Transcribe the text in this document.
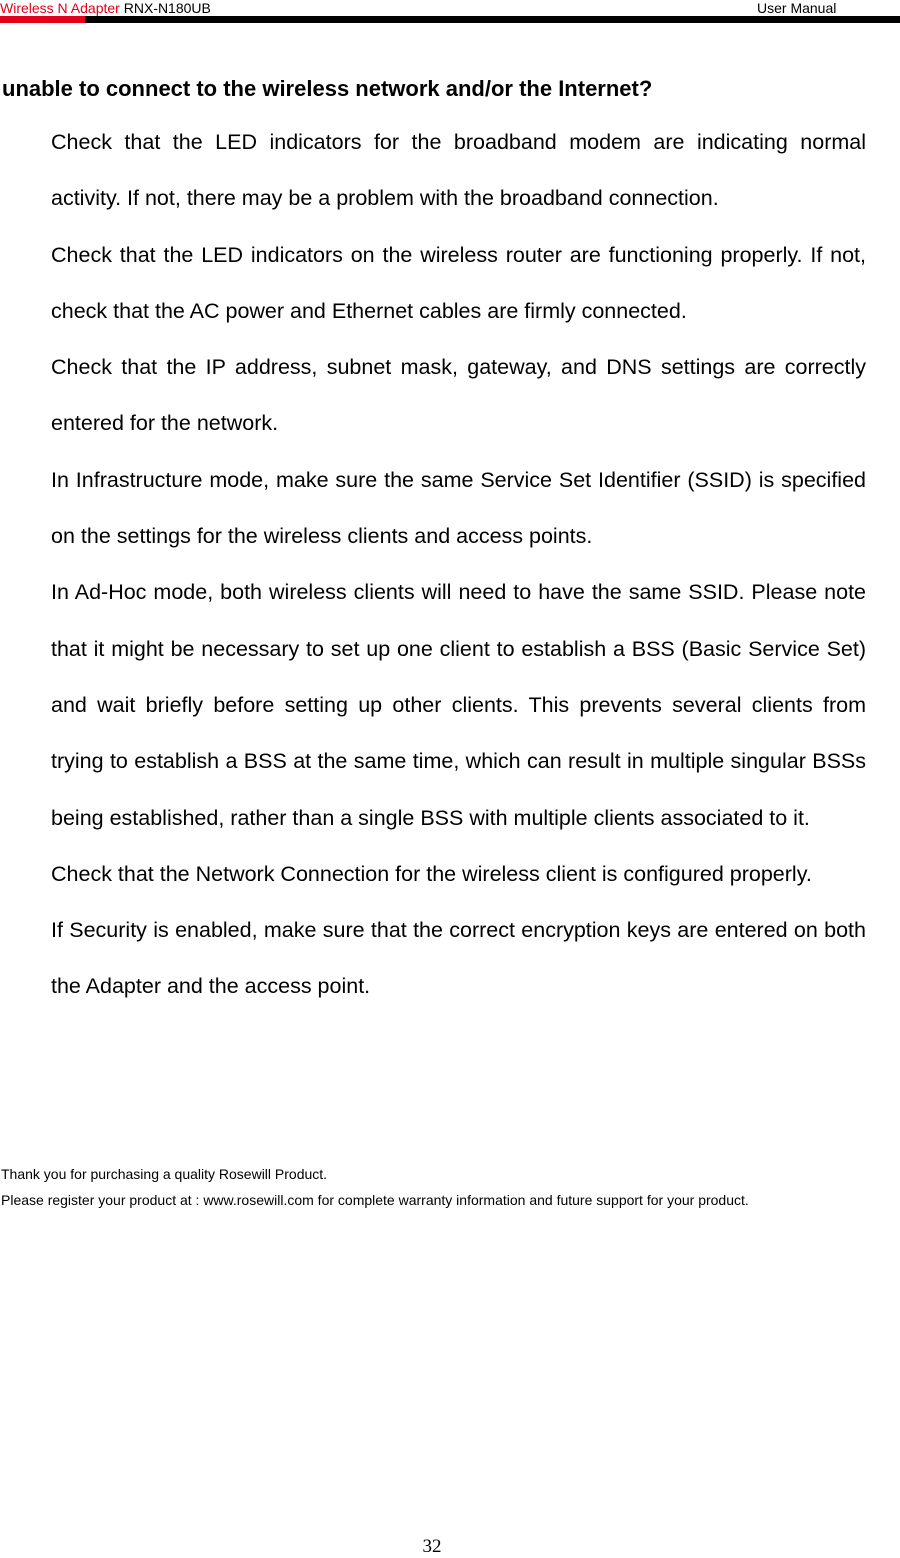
Wireless N Adapter RNX-N180UB	User Manual
unable to connect to the wireless network and/or the Internet?
Check that the LED indicators for the broadband modem are indicating normal activity. If not, there may be a problem with the broadband connection.
Check that the LED indicators on the wireless router are functioning properly. If not, check that the AC power and Ethernet cables are firmly connected.
Check that the IP address, subnet mask, gateway, and DNS settings are correctly entered for the network.
In Infrastructure mode, make sure the same Service Set Identifier (SSID) is specified on the settings for the wireless clients and access points.
In Ad-Hoc mode, both wireless clients will need to have the same SSID. Please note that it might be necessary to set up one client to establish a BSS (Basic Service Set) and wait briefly before setting up other clients. This prevents several clients from trying to establish a BSS at the same time, which can result in multiple singular BSSs being established, rather than a single BSS with multiple clients associated to it.
Check that the Network Connection for the wireless client is configured properly.
If Security is enabled, make sure that the correct encryption keys are entered on both the Adapter and the access point.

Thank you for purchasing a quality Rosewill Product.

Please register your product at : www.rosewill.com for complete warranty information and future support for your product.

32
